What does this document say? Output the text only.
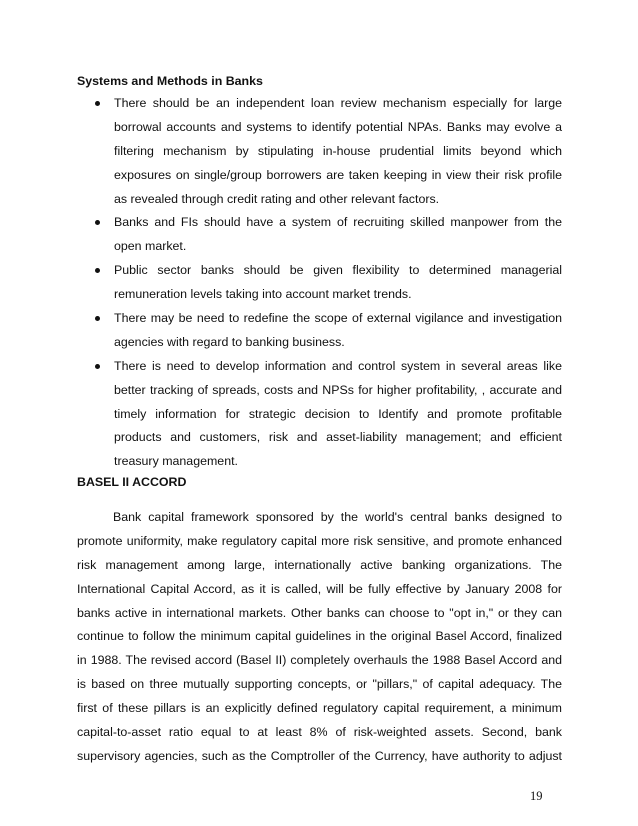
Systems and Methods in Banks
There should be an independent loan review mechanism especially for large
borrowal accounts and systems to identify potential NPAs. Banks may evolve a
filtering mechanism by stipulating in-house prudential limits beyond which
exposures on single/group borrowers are taken keeping in view their risk profile
as revealed through credit rating and other relevant factors.
Banks and FIs should have a system of recruiting skilled manpower from the
open market.
Public sector banks should be given flexibility to determined managerial
remuneration levels taking into account market trends.
There may be need to redefine the scope of external vigilance and investigation
agencies with regard to banking business.
There is need to develop information and control system in several areas like
better tracking of spreads, costs and NPSs for higher profitability, , accurate and
timely information for strategic decision to Identify and promote profitable
products and customers, risk and asset-liability management; and efficient
treasury management.
BASEL II ACCORD
Bank capital framework sponsored by the world's central banks designed to
promote uniformity, make regulatory capital more risk sensitive, and promote enhanced
risk management among large, internationally active banking organizations. The
International Capital Accord, as it is called, will be fully effective by January 2008 for
banks active in international markets. Other banks can choose to "opt in," or they can
continue to follow the minimum capital guidelines in the original Basel Accord, finalized
in 1988. The revised accord (Basel II) completely overhauls the 1988 Basel Accord and
is based on three mutually supporting concepts, or "pillars," of capital adequacy. The
first of these pillars is an explicitly defined regulatory capital requirement, a minimum
capital-to-asset ratio equal to at least 8% of risk-weighted assets. Second, bank
supervisory agencies, such as the Comptroller of the Currency, have authority to adjust
19
